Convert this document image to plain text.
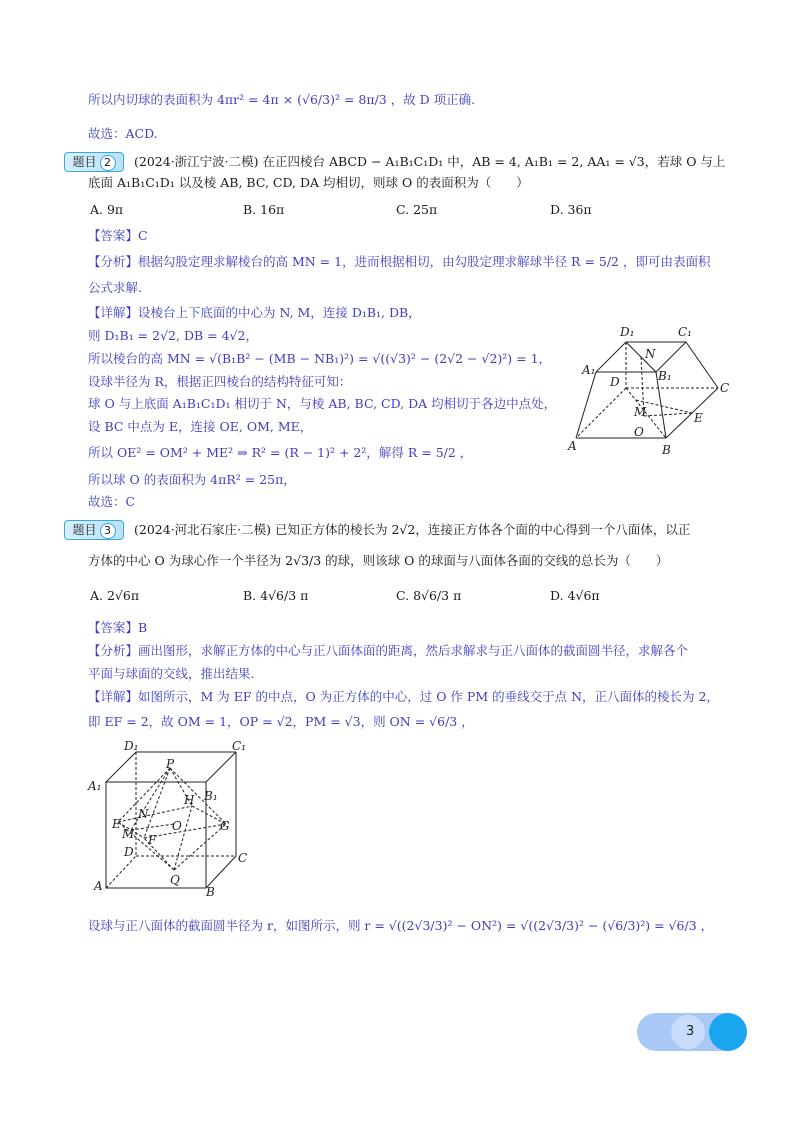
所以内切球的表面积为 4πr² = 4π × (√6/3)² = 8π/3 ，故 D 项正确.
故选：ACD.
题目 2	(2024·浙江宁波·二模) 在正四棱台 ABCD − A₁B₁C₁D₁ 中，AB = 4, A₁B₁ = 2, AA₁ = √3，若球 O 与上
底面 A₁B₁C₁D₁ 以及棱 AB, BC, CD, DA 均相切，则球 O 的表面积为（　　）
A. 9π	B. 16π	C. 25π	D. 36π
【答案】C
【分析】根据勾股定理求解棱台的高 MN = 1，进而根据相切，由勾股定理求解球半径 R = 5/2 ，即可由表面积
公式求解.
【详解】设棱台上下底面的中心为 N, M，连接 D₁B₁, DB，
则 D₁B₁ = 2√2, DB = 4√2，
所以棱台的高 MN = √(B₁B² − (MB − NB₁)²) = √((√3)² − (2√2 − √2)²) = 1，
设球半径为 R，根据正四棱台的结构特征可知：
球 O 与上底面 A₁B₁C₁D₁ 相切于 N，与棱 AB, BC, CD, DA 均相切于各边中点处，
设 BC 中点为 E，连接 OE, OM, ME，
所以 OE² = OM² + ME² ⇒ R² = (R − 1)² + 2²，解得 R = 5/2 ，
所以球 O 的表面积为 4πR² = 25π，
故选：C
D₁	C₁
A₁	B₁
N
D	C
M
O
E
A	B
题目 3	(2024·河北石家庄·二模) 已知正方体的棱长为 2√2，连接正方体各个面的中心得到一个八面体，以正
方体的中心 O 为球心作一个半径为 2√3/3 的球，则该球 O 的球面与八面体各面的交线的总长为（　　）
A. 2√6π	B. 4√6/3 π	C. 8√6/3 π	D. 4√6π
【答案】B
【分析】画出图形，求解正方体的中心与正八面体面的距离，然后求解求与正八面体的截面圆半径，求解各个
平面与球面的交线，推出结果.
【详解】如图所示，M 为 EF 的中点，O 为正方体的中心，过 O 作 PM 的垂线交于点 N，正八面体的棱长为 2，
即 EF = 2，故 OM = 1，OP = √2，PM = √3，则 ON = √6/3 ，
D₁	C₁
A₁
B₁
P
H
N
E	O	G
M F
D	C
Q
A	B
设球与正八面体的截面圆半径为 r，如图所示，则 r = √((2√3/3)² − ON²) = √((2√3/3)² − (√6/3)²) = √6/3 ，
3
